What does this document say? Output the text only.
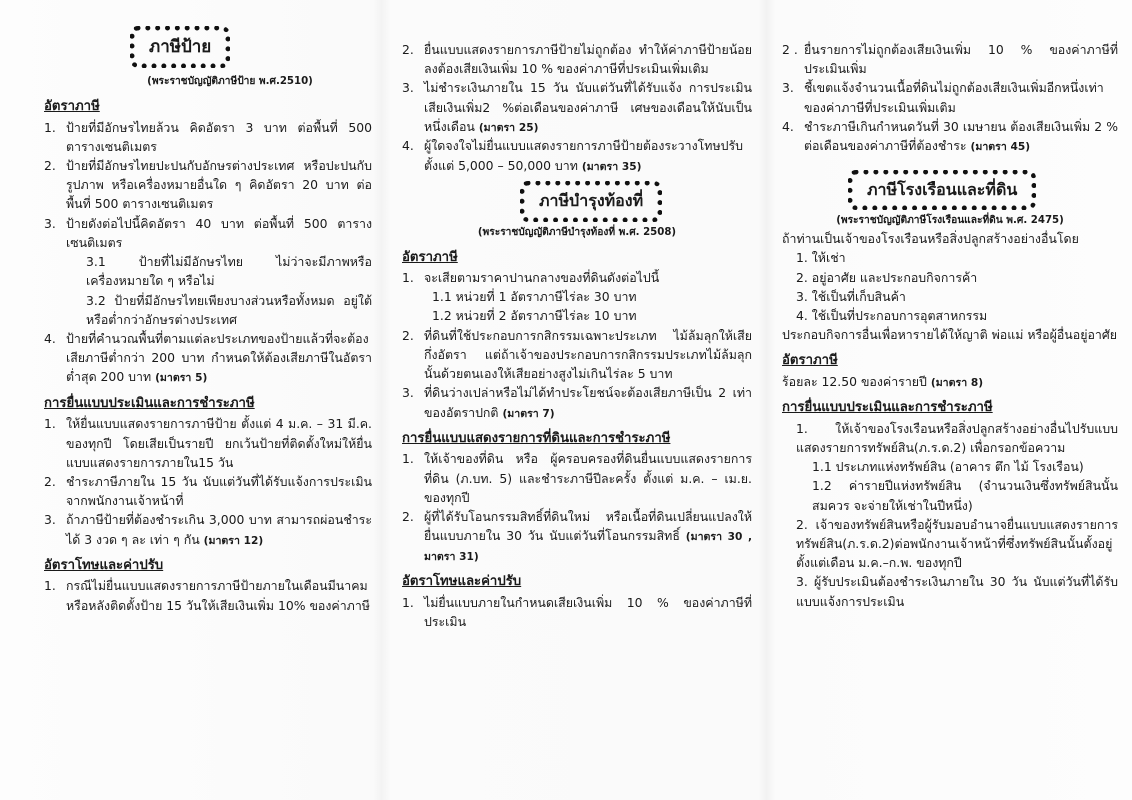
ภาษีป้าย
(พระราชบัญญัติภาษีป้าย พ.ศ.2510)
อัตราภาษี
1. ป้ายที่มีอักษรไทยล้วน คิดอัตรา 3 บาท ต่อพื้นที่ 500 ตารางเซนติเมตร
2. ป้ายที่มีอักษรไทยปะปนกับอักษรต่างประเทศ หรือปะปนกับรูปภาพ หรือเครื่องหมายอื่นใด ๆ คิดอัตรา 20 บาท ต่อ พื้นที่ 500 ตารางเซนติเมตร
3. ป้ายดังต่อไปนี้คิดอัตรา 40 บาท ต่อพื้นที่ 500 ตารางเซนติเมตร
3.1 ป้ายที่ไม่มีอักษรไทย ไม่ว่าจะมีภาพหรือเครื่องหมายใด ๆ หรือไม่
3.2 ป้ายที่มีอักษรไทยเพียงบางส่วนหรือทั้งหมด อยู่ใต้หรือต่ำกว่าอักษรต่างประเทศ
4. ป้ายที่คำนวณพื้นที่ตามแต่ละประเภทของป้ายแล้วที่จะต้องเสียภาษีต่ำกว่า 200 บาท กำหนดให้ต้องเสียภาษีในอัตราต่ำสุด 200 บาท (มาตรา 5)
การยื่นแบบประเมินและการชำระภาษี
1. ให้ยื่นแบบแสดงรายการภาษีป้าย ตั้งแต่ 4 ม.ค. – 31 มี.ค. ของทุกปี โดยเสียเป็นรายปี ยกเว้นป้ายที่ติดตั้งใหม่ให้ยื่นแบบแสดงรายการภายใน15 วัน
2. ชำระภาษีภายใน 15 วัน นับแต่วันที่ได้รับแจ้งการประเมินจากพนักงานเจ้าหน้าที่
3. ถ้าภาษีป้ายที่ต้องชำระเกิน 3,000 บาท สามารถผ่อนชำระได้ 3 งวด ๆ ละ เท่า ๆ กัน (มาตรา 12)
อัตราโทษและค่าปรับ
1. กรณีไม่ยื่นแบบแสดงรายการภาษีป้ายภายในเดือนมีนาคม หรือหลังติดตั้งป้าย 15 วันให้เสียเงินเพิ่ม 10% ของค่าภาษี
2. ยื่นแบบแสดงรายการภาษีป้ายไม่ถูกต้อง ทำให้ค่าภาษีป้ายน้อยลงต้องเสียเงินเพิ่ม 10 % ของค่าภาษีที่ประเมินเพิ่มเติม
3. ไม่ชำระเงินภายใน 15 วัน นับแต่วันที่ได้รับแจ้ง การประเมินเสียเงินเพิ่ม2 %ต่อเดือนของค่าภาษี เศษของเดือนให้นับเป็นหนึ่งเดือน (มาตรา 25)
4. ผู้ใดจงใจไม่ยื่นแบบแสดงรายการภาษีป้ายต้องระวางโทษปรับตั้งแต่ 5,000 – 50,000 บาท (มาตรา 35)
ภาษีบำรุงท้องที่
(พระราชบัญญัติภาษีบำรุงท้องที่ พ.ศ. 2508)
อัตราภาษี
1. จะเสียตามราคาปานกลางของที่ดินดังต่อไปนี้
1.1 หน่วยที่ 1 อัตราภาษีไร่ละ 30 บาท
1.2 หน่วยที่ 2 อัตราภาษีไร่ละ 10 บาท
2. ที่ดินที่ใช้ประกอบการกสิกรรมเฉพาะประเภท ไม้ล้มลุกให้เสียกึ่งอัตรา แต่ถ้าเจ้าของประกอบการกสิกรรมประเภทไม้ล้มลุกนั้นด้วยตนเองให้เสียอย่างสูงไม่เกินไร่ละ 5 บาท
3. ที่ดินว่างเปล่าหรือไม่ได้ทำประโยชน์จะต้องเสียภาษีเป็น 2 เท่าของอัตราปกติ (มาตรา 7)
การยื่นแบบแสดงรายการที่ดินและการชำระภาษี
1. ให้เจ้าของที่ดิน หรือ ผู้ครอบครองที่ดินยื่นแบบแสดงรายการที่ดิน (ภ.บท. 5) และชำระภาษีปีละครั้ง ตั้งแต่ ม.ค. – เม.ย. ของทุกปี
2. ผู้ที่ได้รับโอนกรรมสิทธิ์ที่ดินใหม่ หรือเนื้อที่ดินเปลี่ยนแปลงให้ยื่นแบบภายใน 30 วัน นับแต่วันที่โอนกรรมสิทธิ์ (มาตรา 30 , มาตรา 31)
อัตราโทษและค่าปรับ
1. ไม่ยื่นแบบภายในกำหนดเสียเงินเพิ่ม 10 % ของค่าภาษีที่ประเมิน
2 . ยื่นรายการไม่ถูกต้องเสียเงินเพิ่ม 10 % ของค่าภาษีที่ประเมินเพิ่ม
3. ชี้เขตแจ้งจำนวนเนื้อที่ดินไม่ถูกต้องเสียเงินเพิ่มอีกหนึ่งเท่า ของค่าภาษีที่ประเมินเพิ่มเติม
4. ชำระภาษีเกินกำหนดวันที่ 30 เมษายน ต้องเสียเงินเพิ่ม 2 % ต่อเดือนของค่าภาษีที่ต้องชำระ (มาตรา 45)
ภาษีโรงเรือนและที่ดิน
(พระราชบัญญัติภาษีโรงเรือนและที่ดิน พ.ศ. 2475)
ถ้าท่านเป็นเจ้าของโรงเรือนหรือสิ่งปลูกสร้างอย่างอื่นโดย
1. ให้เช่า
2. อยู่อาศัย และประกอบกิจการค้า
3. ใช้เป็นที่เก็บสินค้า
4. ใช้เป็นที่ประกอบการอุตสาหกรรม
ประกอบกิจการอื่นเพื่อหารายได้ให้ญาติ พ่อแม่ หรือผู้อื่นอยู่อาศัย
อัตราภาษี
ร้อยละ 12.50 ของค่ารายปี (มาตรา 8)
การยื่นแบบประเมินและการชำระภาษี
1. ให้เจ้าของโรงเรือนหรือสิ่งปลูกสร้างอย่างอื่นไปรับแบบแสดงรายการทรัพย์สิน(ภ.ร.ด.2) เพื่อกรอกข้อความ
1.1 ประเภทแห่งทรัพย์สิน (อาคาร ตึก ไม้ โรงเรือน)
1.2 ค่ารายปีแห่งทรัพย์สิน (จำนวนเงินซึ่งทรัพย์สินนั้นสมควร จะจ่ายให้เช่าในปีหนึ่ง)
2. เจ้าของทรัพย์สินหรือผู้รับมอบอำนาจยื่นแบบแสดงรายการทรัพย์สิน(ภ.ร.ด.2)ต่อพนักงานเจ้าหน้าที่ซึ่งทรัพย์สินนั้นตั้งอยู่ ตั้งแต่เดือน ม.ค.–ก.พ. ของทุกปี
3. ผู้รับประเมินต้องชำระเงินภายใน 30 วัน นับแต่วันที่ได้รับแบบแจ้งการประเมิน
